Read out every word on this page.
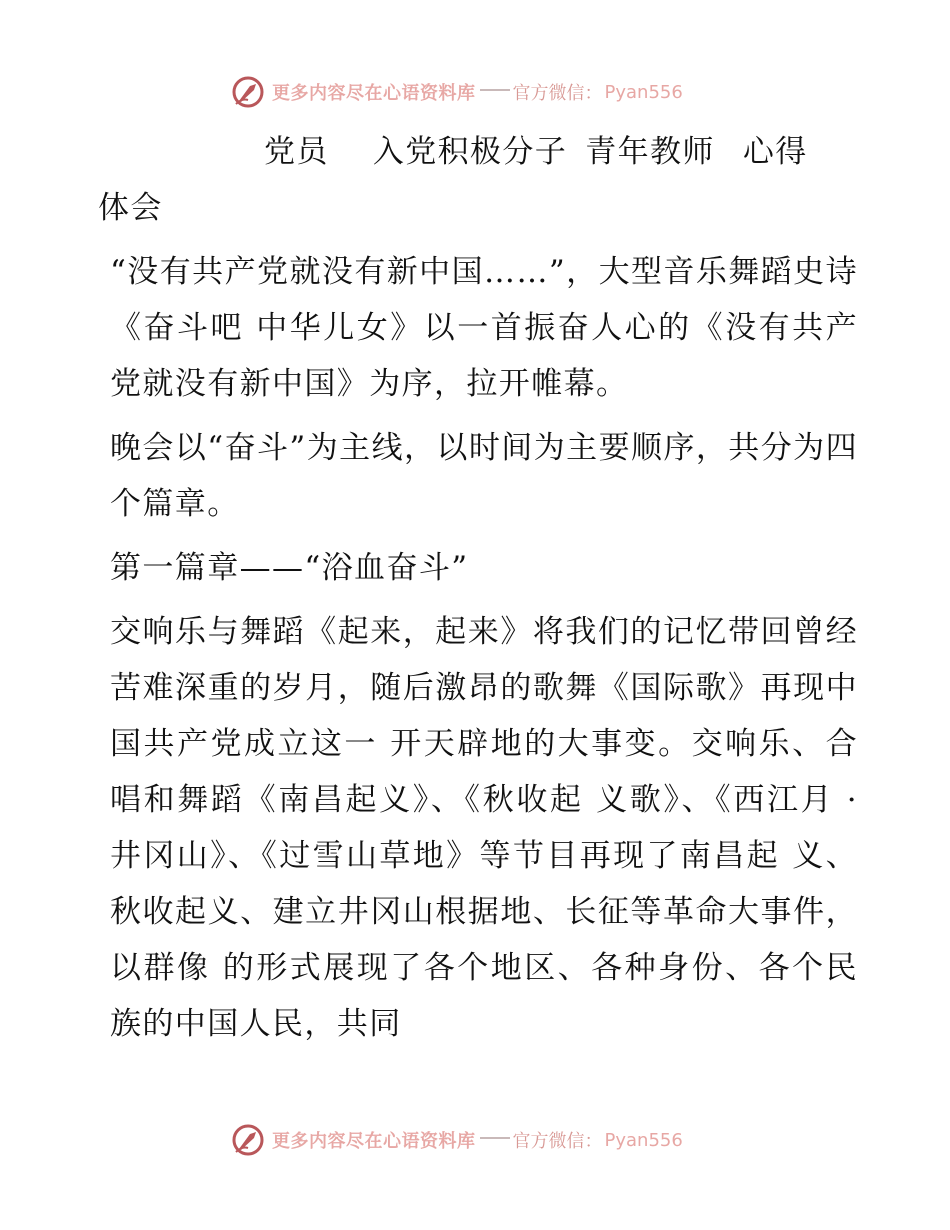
更多内容尽在心语资料库 官方微信： Pyan556

党员 入党积极分子 青年教师 心得

体会

“没有共产党就没有新中国……”，大型音乐舞蹈史诗《奋斗吧 中华儿女》以一首振奋人心的《没有共产党就没有新中国》为序，拉开帷幕。

晚会以“奋斗”为主线，以时间为主要顺序，共分为四个篇章。

第一篇章——“浴血奋斗”

交响乐与舞蹈《起来，起来》将我们的记忆带回曾经苦难深重的岁月，随后激昂的歌舞《国际歌》再现中国共产党成立这一 开天辟地的大事变。交响乐、合唱和舞蹈《南昌起义》、《秋收起 义歌》、《西江月 · 井冈山》、《过雪山草地》等节目再现了南昌起 义、秋收起义、建立井冈山根据地、长征等革命大事件，以群像 的形式展现了各个地区、各种身份、各个民族的中国人民，共同

更多内容尽在心语资料库 官方微信： Pyan556
